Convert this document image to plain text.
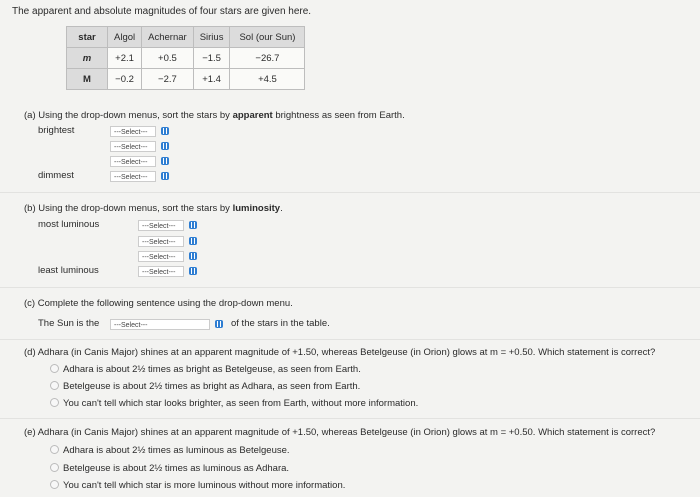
The apparent and absolute magnitudes of four stars are given here.
star	Algol	Achernar	Sirius	Sol (our Sun)
m	+2.1	+0.5	−1.5	−26.7
M	−0.2	−2.7	+1.4	+4.5
(a) Using the drop-down menus, sort the stars by apparent brightness as seen from Earth.
brightest	---Select---
---Select---
---Select---
dimmest	---Select---
(b) Using the drop-down menus, sort the stars by luminosity.
most luminous	---Select---
---Select---
---Select---
least luminous	---Select---
(c) Complete the following sentence using the drop-down menu.
The Sun is the	---Select---	of the stars in the table.
(d) Adhara (in Canis Major) shines at an apparent magnitude of +1.50, whereas Betelgeuse (in Orion) glows at m = +0.50. Which statement is correct?
Adhara is about 2½ times as bright as Betelgeuse, as seen from Earth.
Betelgeuse is about 2½ times as bright as Adhara, as seen from Earth.
You can't tell which star looks brighter, as seen from Earth, without more information.
(e) Adhara (in Canis Major) shines at an apparent magnitude of +1.50, whereas Betelgeuse (in Orion) glows at m = +0.50. Which statement is correct?
Adhara is about 2½ times as luminous as Betelgeuse.
Betelgeuse is about 2½ times as luminous as Adhara.
You can't tell which star is more luminous without more information.
